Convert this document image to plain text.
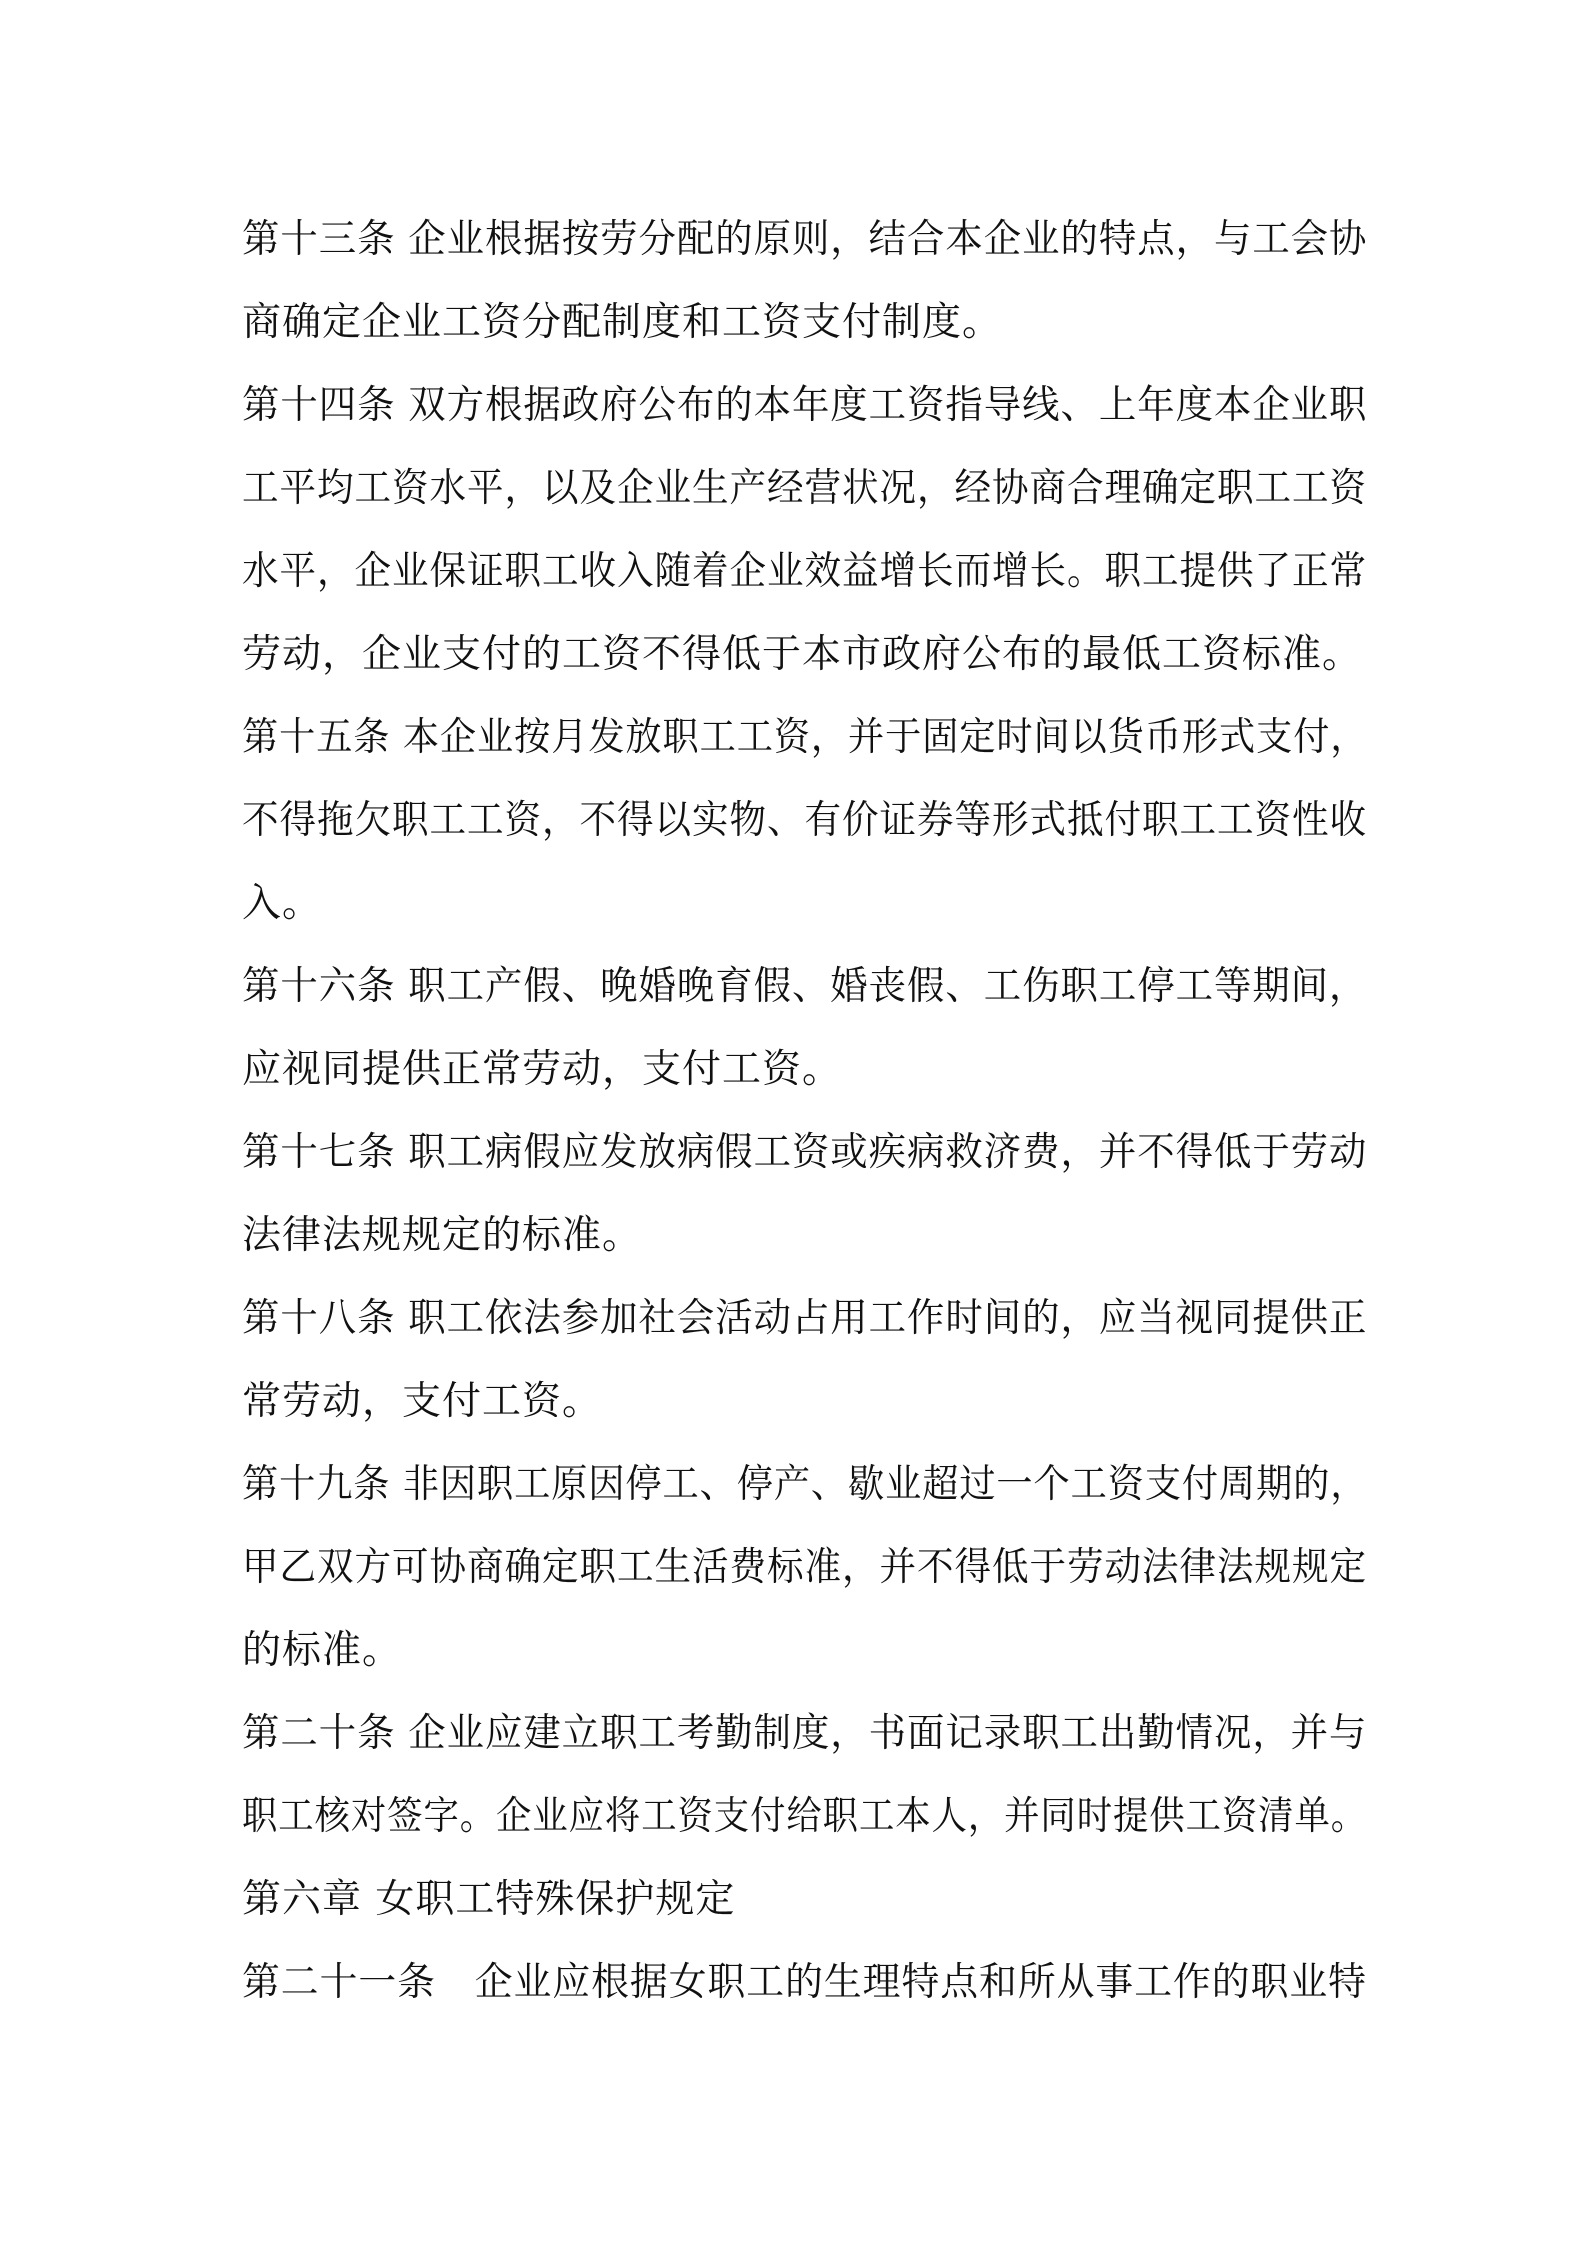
第十三条 企业根据按劳分配的原则，结合本企业的特点，与工会协
商确定企业工资分配制度和工资支付制度。
第十四条 双方根据政府公布的本年度工资指导线、上年度本企业职
工平均工资水平，以及企业生产经营状况，经协商合理确定职工工资
水平，企业保证职工收入随着企业效益增长而增长。职工提供了正常
劳动，企业支付的工资不得低于本市政府公布的最低工资标准。
第十五条 本企业按月发放职工工资，并于固定时间以货币形式支付，
不得拖欠职工工资，不得以实物、有价证券等形式抵付职工工资性收
入。
第十六条 职工产假、晚婚晚育假、婚丧假、工伤职工停工等期间，
应视同提供正常劳动，支付工资。
第十七条 职工病假应发放病假工资或疾病救济费，并不得低于劳动
法律法规规定的标准。
第十八条 职工依法参加社会活动占用工作时间的，应当视同提供正
常劳动，支付工资。
第十九条 非因职工原因停工、停产、歇业超过一个工资支付周期的，
甲乙双方可协商确定职工生活费标准，并不得低于劳动法律法规规定
的标准。
第二十条 企业应建立职工考勤制度，书面记录职工出勤情况，并与
职工核对签字。企业应将工资支付给职工本人，并同时提供工资清单。
第六章 女职工特殊保护规定
第二十一条　企业应根据女职工的生理特点和所从事工作的职业特
